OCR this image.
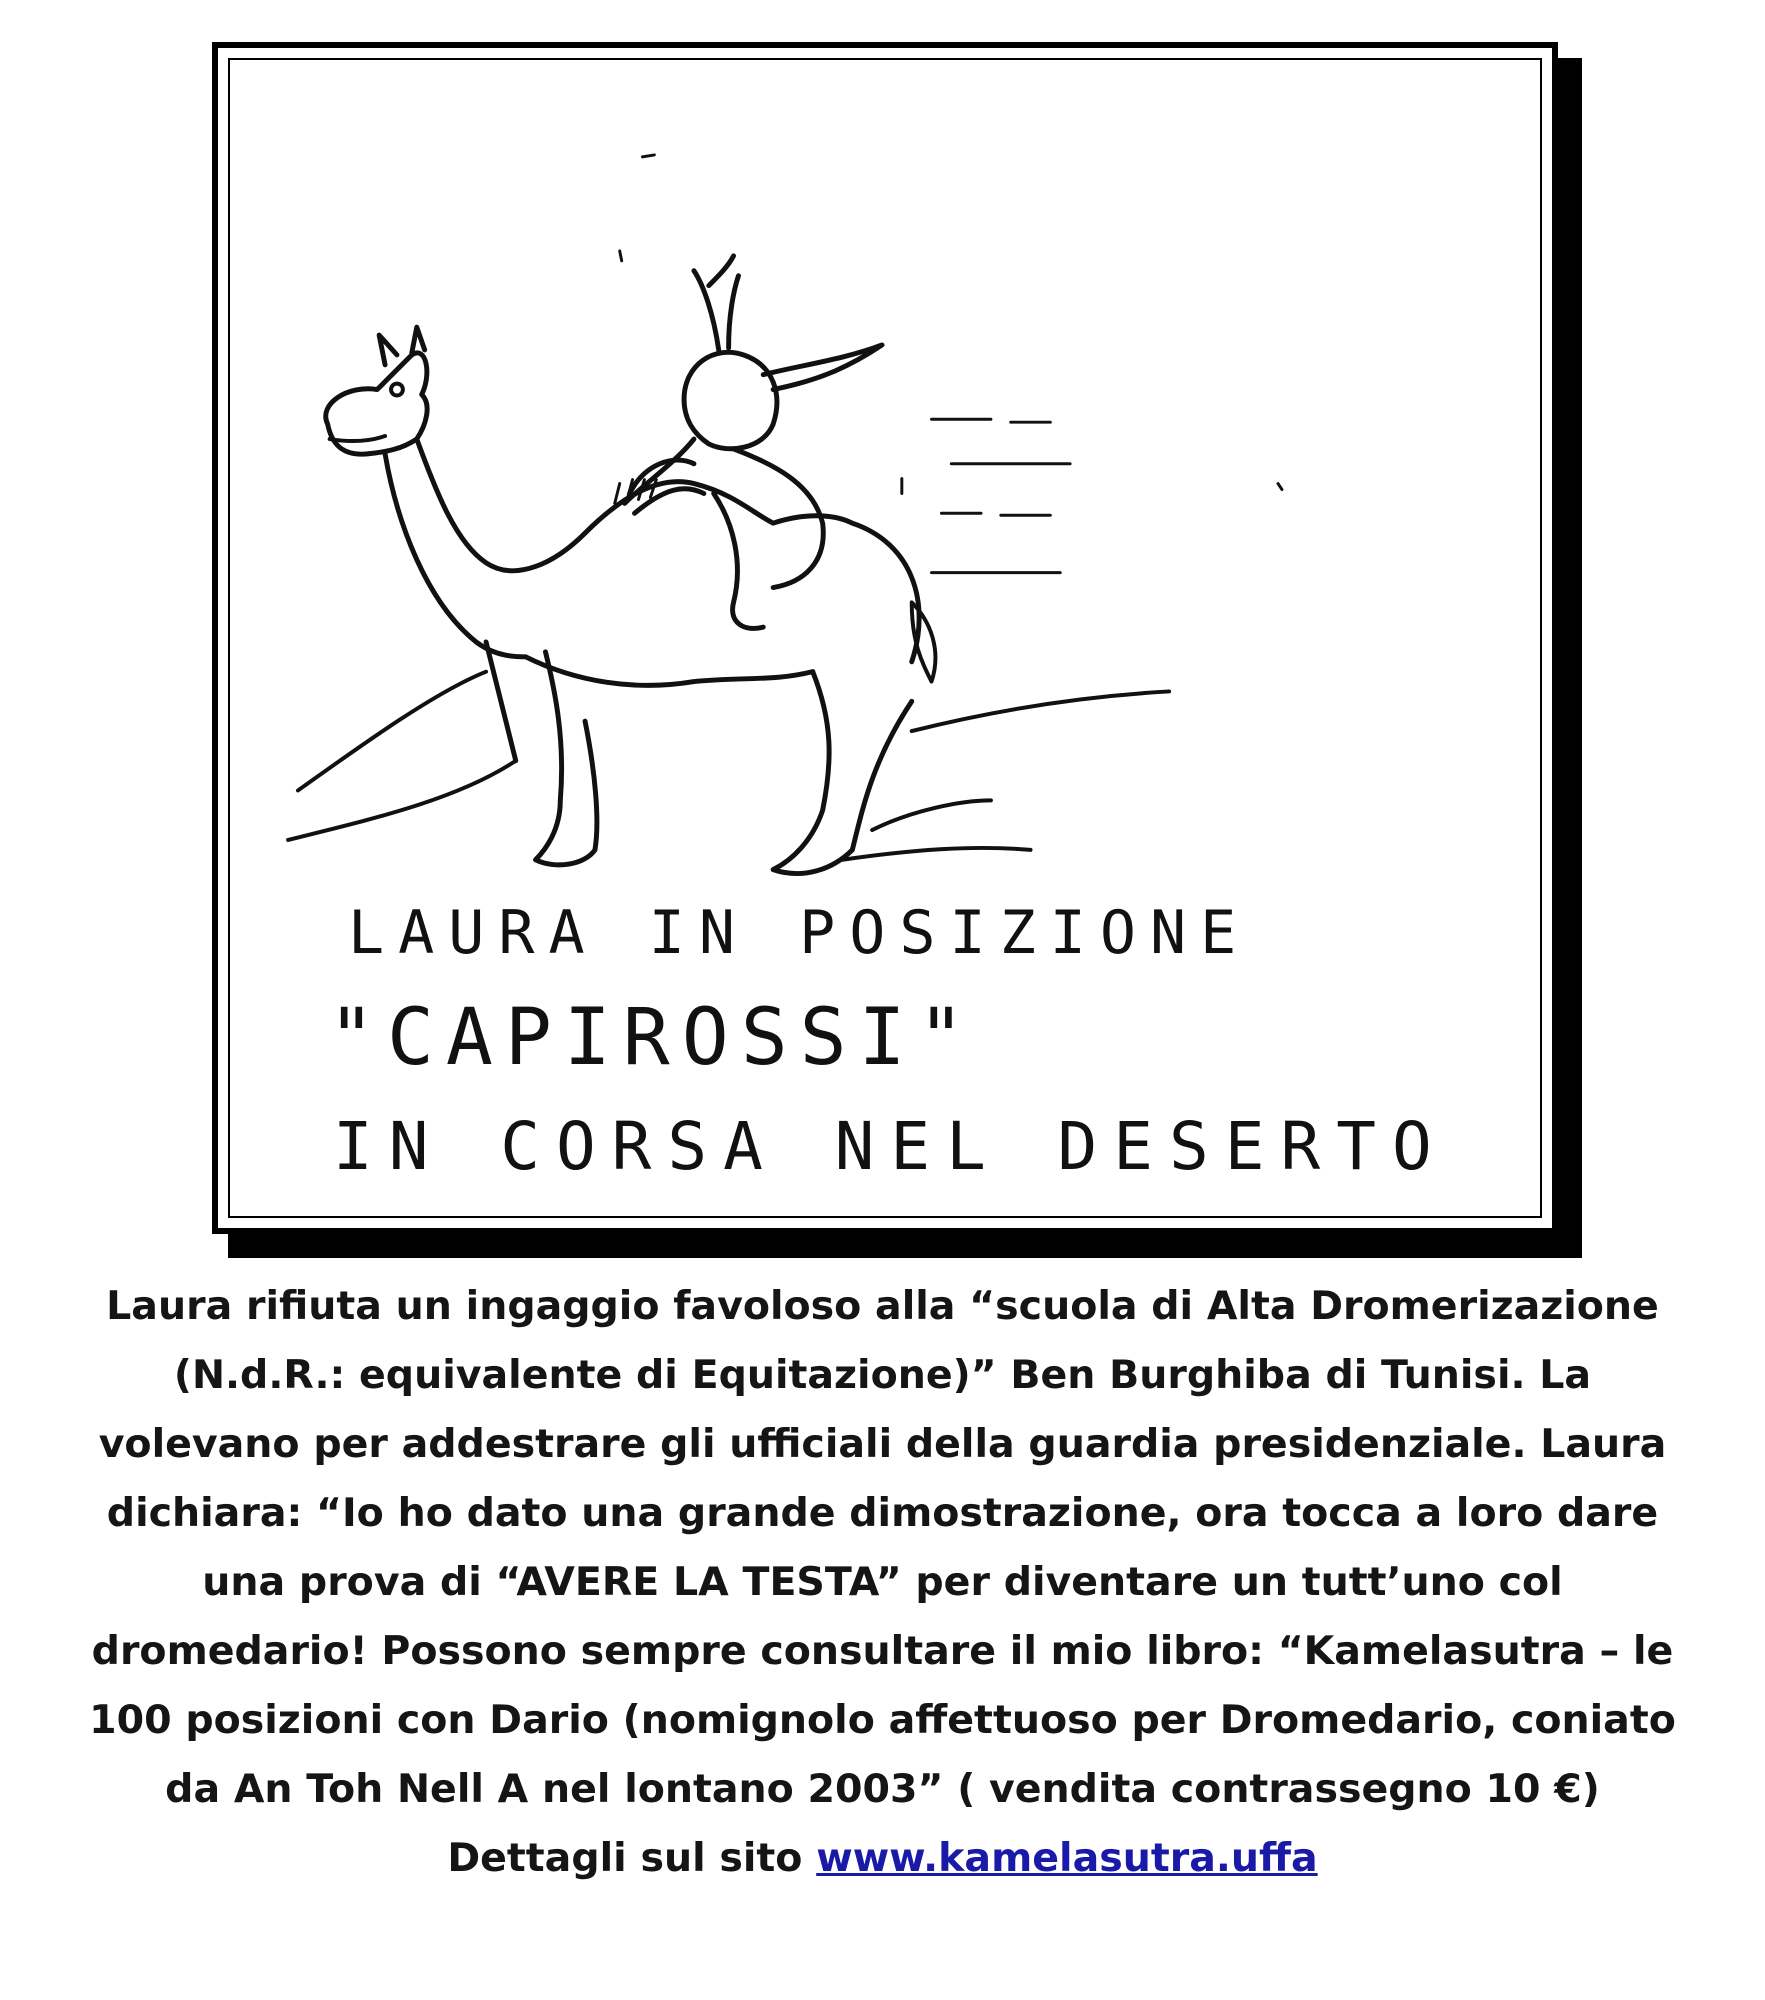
LAURA IN POSIZIONE
"CAPIROSSI"
IN CORSA NEL DESERTO
Laura rifiuta un ingaggio favoloso alla “scuola di Alta Dromerizazione
(N.d.R.: equivalente di Equitazione)” Ben Burghiba di Tunisi. La
volevano per addestrare gli ufficiali della guardia presidenziale. Laura
dichiara: “Io ho dato una grande dimostrazione, ora tocca a loro dare
una prova di “AVERE LA TESTA” per diventare un tutt’uno col
dromedario! Possono sempre consultare il mio libro: “Kamelasutra – le
100 posizioni con Dario (nomignolo affettuoso per Dromedario, coniato
da An Toh Nell A nel lontano 2003” ( vendita contrassegno 10 €)
Dettagli sul sito www.kamelasutra.uffa
